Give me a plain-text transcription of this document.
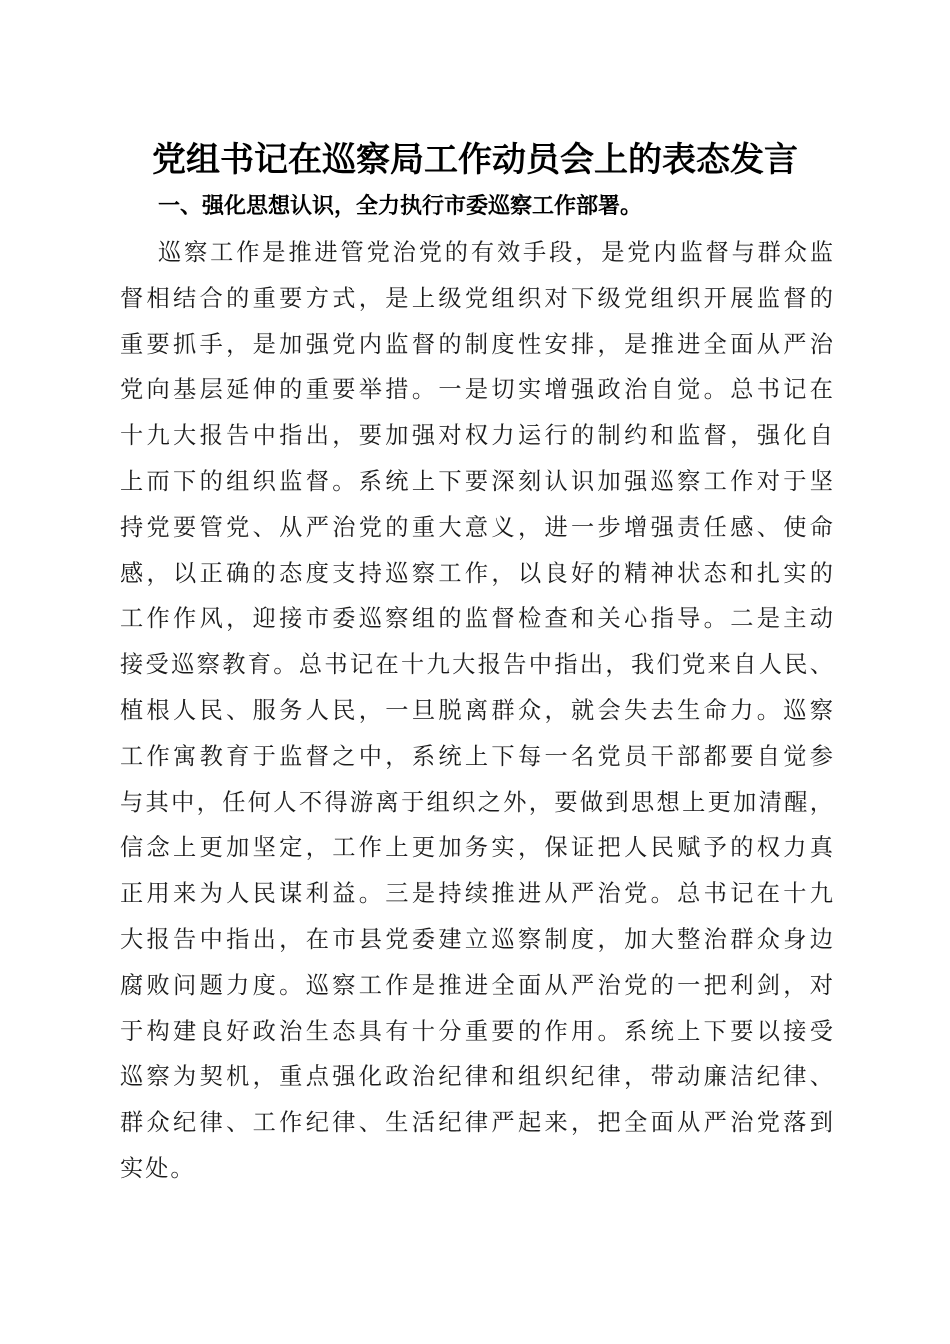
党组书记在巡察局工作动员会上的表态发言
一、强化思想认识，全力执行市委巡察工作部署。
巡察工作是推进管党治党的有效手段，是党内监督与群众监
督相结合的重要方式，是上级党组织对下级党组织开展监督的
重要抓手，是加强党内监督的制度性安排，是推进全面从严治
党向基层延伸的重要举措。一是切实增强政治自觉。总书记在
十九大报告中指出，要加强对权力运行的制约和监督，强化自
上而下的组织监督。系统上下要深刻认识加强巡察工作对于坚
持党要管党、从严治党的重大意义，进一步增强责任感、使命
感，以正确的态度支持巡察工作，以良好的精神状态和扎实的
工作作风，迎接市委巡察组的监督检查和关心指导。二是主动
接受巡察教育。总书记在十九大报告中指出，我们党来自人民、
植根人民、服务人民，一旦脱离群众，就会失去生命力。巡察
工作寓教育于监督之中，系统上下每一名党员干部都要自觉参
与其中，任何人不得游离于组织之外，要做到思想上更加清醒，
信念上更加坚定，工作上更加务实，保证把人民赋予的权力真
正用来为人民谋利益。三是持续推进从严治党。总书记在十九
大报告中指出，在市县党委建立巡察制度，加大整治群众身边
腐败问题力度。巡察工作是推进全面从严治党的一把利剑，对
于构建良好政治生态具有十分重要的作用。系统上下要以接受
巡察为契机，重点强化政治纪律和组织纪律，带动廉洁纪律、
群众纪律、工作纪律、生活纪律严起来，把全面从严治党落到
实处。
